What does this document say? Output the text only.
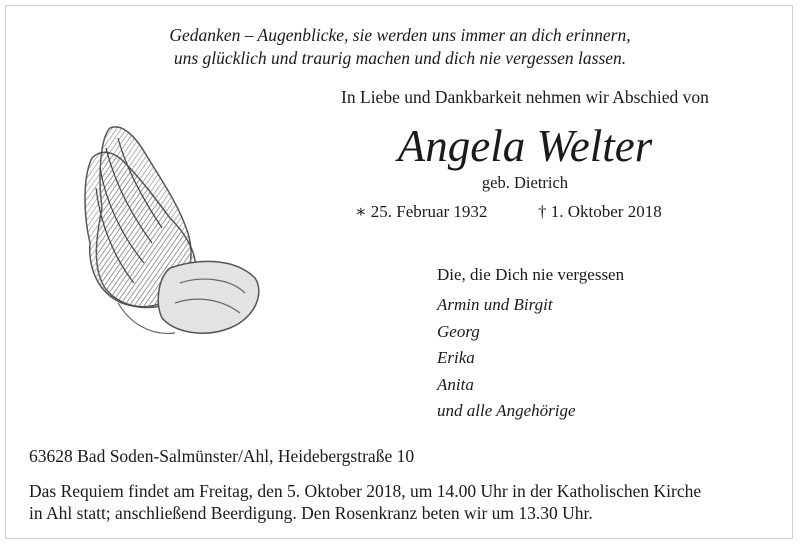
Gedanken – Augenblicke, sie werden uns immer an dich erinnern,
uns glücklich und traurig machen und dich nie vergessen lassen.
In Liebe und Dankbarkeit nehmen wir Abschied von
Angela Welter
geb. Dietrich
∗ 25. Februar 1932	† 1. Oktober 2018
Die, die Dich nie vergessen
Armin und Birgit
Georg
Erika
Anita
und alle Angehörige
63628 Bad Soden-Salmünster/Ahl, Heidebergstraße 10
Das Requiem findet am Freitag, den 5. Oktober 2018, um 14.00 Uhr in der Katholischen Kirche
in Ahl statt; anschließend Beerdigung. Den Rosenkranz beten wir um 13.30 Uhr.
